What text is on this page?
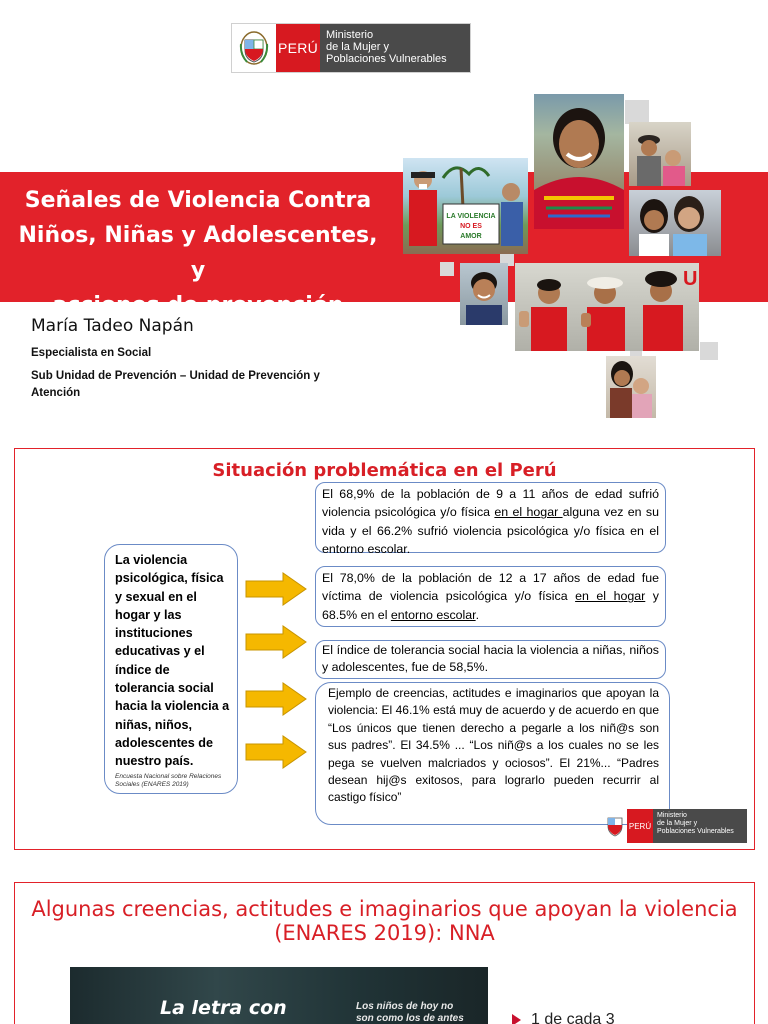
PERÚ
Ministerio
de la Mujer y
Poblaciones Vulnerables
Señales de Violencia Contra
Niños, Niñas y Adolescentes, y
acciones de prevención
LA VIOLENCIA
NO ES
AMOR
U
María Tadeo Napán
Especialista en Social
Sub Unidad de Prevención – Unidad de Prevención y
Atención
Situación problemática en el Perú
La violencia psicológica, física y sexual en el hogar y las instituciones educativas y el índice de tolerancia social hacia la violencia a niñas, niños, adolescentes de nuestro país.
Encuesta Nacional sobre Relaciones Sociales (ENARES 2019)
El 68,9% de la población de 9 a 11 años de edad sufrió violencia psicológica y/o física en el hogar alguna vez en su vida y el 66.2% sufrió violencia psicológica y/o física en el entorno escolar.
El 78,0% de la población de 12 a 17 años de edad fue víctima de violencia psicológica y/o física en el hogar y 68.5% en el entorno escolar.
El índice de tolerancia social hacia la violencia a niñas, niños y adolescentes, fue de 58,5%.
Ejemplo de creencias, actitudes e imaginarios que apoyan la violencia: El 46.1% está muy de acuerdo y de acuerdo en que “Los únicos que tienen derecho a pegarle a los niñ@s son sus padres”. El 34.5% ... “Los niñ@s a los cuales no se les pega se vuelven malcriados y ociosos”. El 21%... “Padres desean hij@s exitosos, para lograrlo pueden recurrir al castigo físico”
PERÚ
Ministerio
de la Mujer y
Poblaciones Vulnerables
Algunas creencias, actitudes e imaginarios que apoyan la violencia
(ENARES 2019): NNA
La letra con	Los niños de hoy no
son como los de antes	1 de cada 3
